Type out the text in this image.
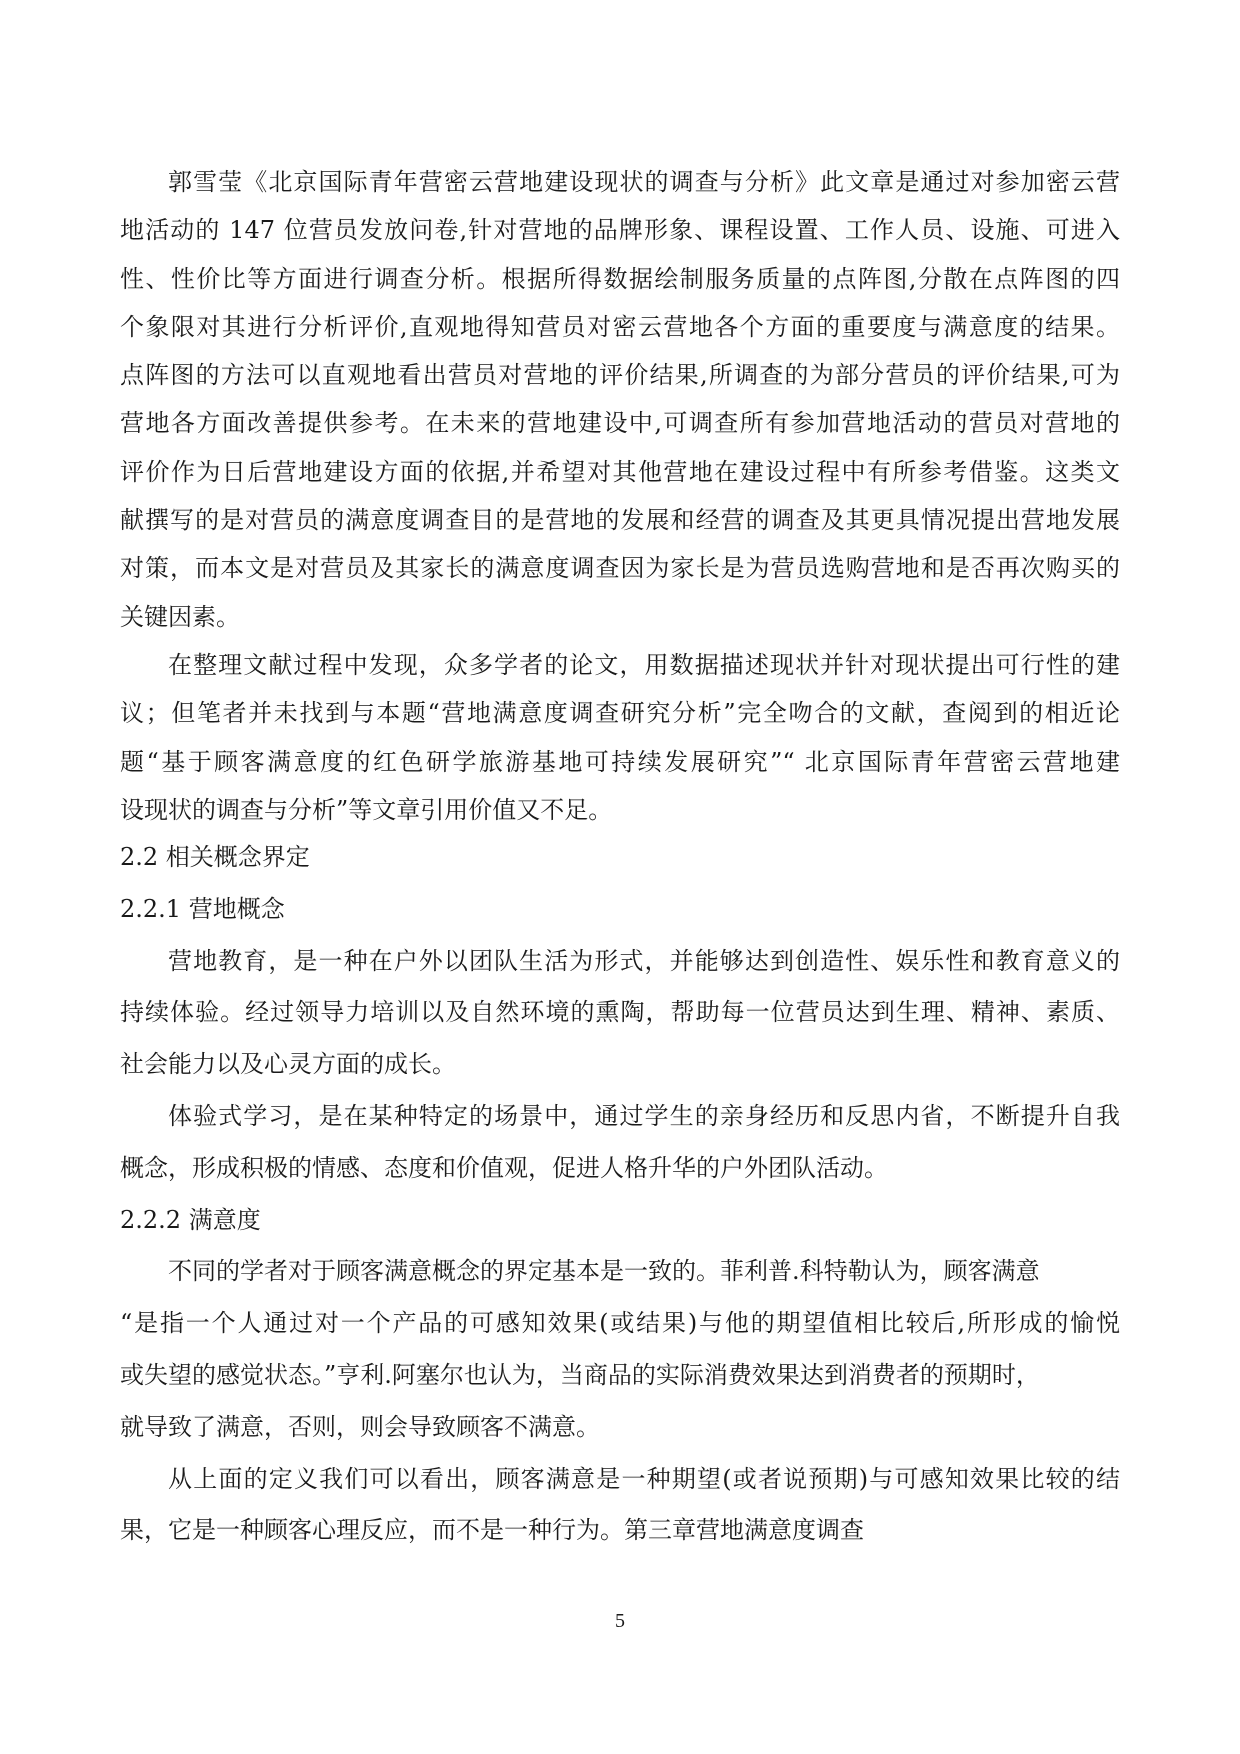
郭雪莹《北京国际青年营密云营地建设现状的调查与分析》此文章是通过对参加密云营
地活动的 147 位营员发放问卷,针对营地的品牌形象、课程设置、工作人员、设施、可进入
性、性价比等方面进行调查分析。根据所得数据绘制服务质量的点阵图,分散在点阵图的四
个象限对其进行分析评价,直观地得知营员对密云营地各个方面的重要度与满意度的结果。
点阵图的方法可以直观地看出营员对营地的评价结果,所调查的为部分营员的评价结果,可为
营地各方面改善提供参考。在未来的营地建设中,可调查所有参加营地活动的营员对营地的
评价作为日后营地建设方面的依据,并希望对其他营地在建设过程中有所参考借鉴。这类文
献撰写的是对营员的满意度调查目的是营地的发展和经营的调查及其更具情况提出营地发展
对策，而本文是对营员及其家长的满意度调查因为家长是为营员选购营地和是否再次购买的
关键因素。
在整理文献过程中发现，众多学者的论文，用数据描述现状并针对现状提出可行性的建
议；但笔者并未找到与本题“营地满意度调查研究分析”完全吻合的文献，查阅到的相近论
题“基于顾客满意度的红色研学旅游基地可持续发展研究”“ 北京国际青年营密云营地建
设现状的调查与分析”等文章引用价值又不足。
2.2 相关概念界定
2.2.1 营地概念
营地教育，是一种在户外以团队生活为形式，并能够达到创造性、娱乐性和教育意义的
持续体验。经过领导力培训以及自然环境的熏陶，帮助每一位营员达到生理、精神、素质、
社会能力以及心灵方面的成长。
体验式学习，是在某种特定的场景中，通过学生的亲身经历和反思内省，不断提升自我
概念，形成积极的情感、态度和价值观，促进人格升华的户外团队活动。
2.2.2 满意度
不同的学者对于顾客满意概念的界定基本是一致的。菲利普.科特勒认为，顾客满意
“是指一个人通过对一个产品的可感知效果(或结果)与他的期望值相比较后,所形成的愉悦
或失望的感觉状态。”亨利.阿塞尔也认为，当商品的实际消费效果达到消费者的预期时，
就导致了满意，否则，则会导致顾客不满意。
从上面的定义我们可以看出，顾客满意是一种期望(或者说预期)与可感知效果比较的结
果，它是一种顾客心理反应，而不是一种行为。第三章营地满意度调查
5
